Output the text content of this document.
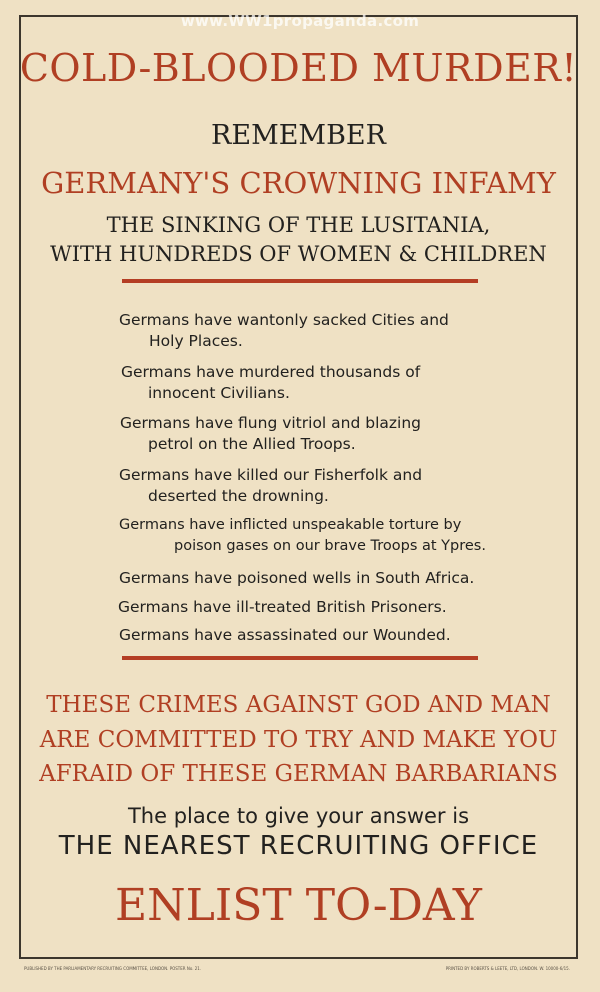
www.WW1propaganda.com
COLD-BLOODED MURDER!
REMEMBER
GERMANY'S CROWNING INFAMY
THE SINKING OF THE LUSITANIA,
WITH HUNDREDS OF WOMEN & CHILDREN
Germans have wantonly sacked Cities and
Holy Places.
Germans have murdered thousands of
innocent Civilians.
Germans have flung vitriol and blazing
petrol on the Allied Troops.
Germans have killed our Fisherfolk and
deserted the drowning.
Germans have inflicted unspeakable torture by
poison gases on our brave Troops at Ypres.
Germans have poisoned wells in South Africa.
Germans have ill-treated British Prisoners.
Germans have assassinated our Wounded.
THESE CRIMES AGAINST GOD AND MAN
ARE COMMITTED TO TRY AND MAKE YOU
AFRAID OF THESE GERMAN BARBARIANS
The place to give your answer is
THE NEAREST RECRUITING OFFICE
ENLIST TO-DAY
PUBLISHED BY THE PARLIAMENTARY RECRUITING COMMITTEE, LONDON. POSTER No. 21.	PRINTED BY ROBERTS & LEETE, LTD, LONDON. W. 10000-6/15.
